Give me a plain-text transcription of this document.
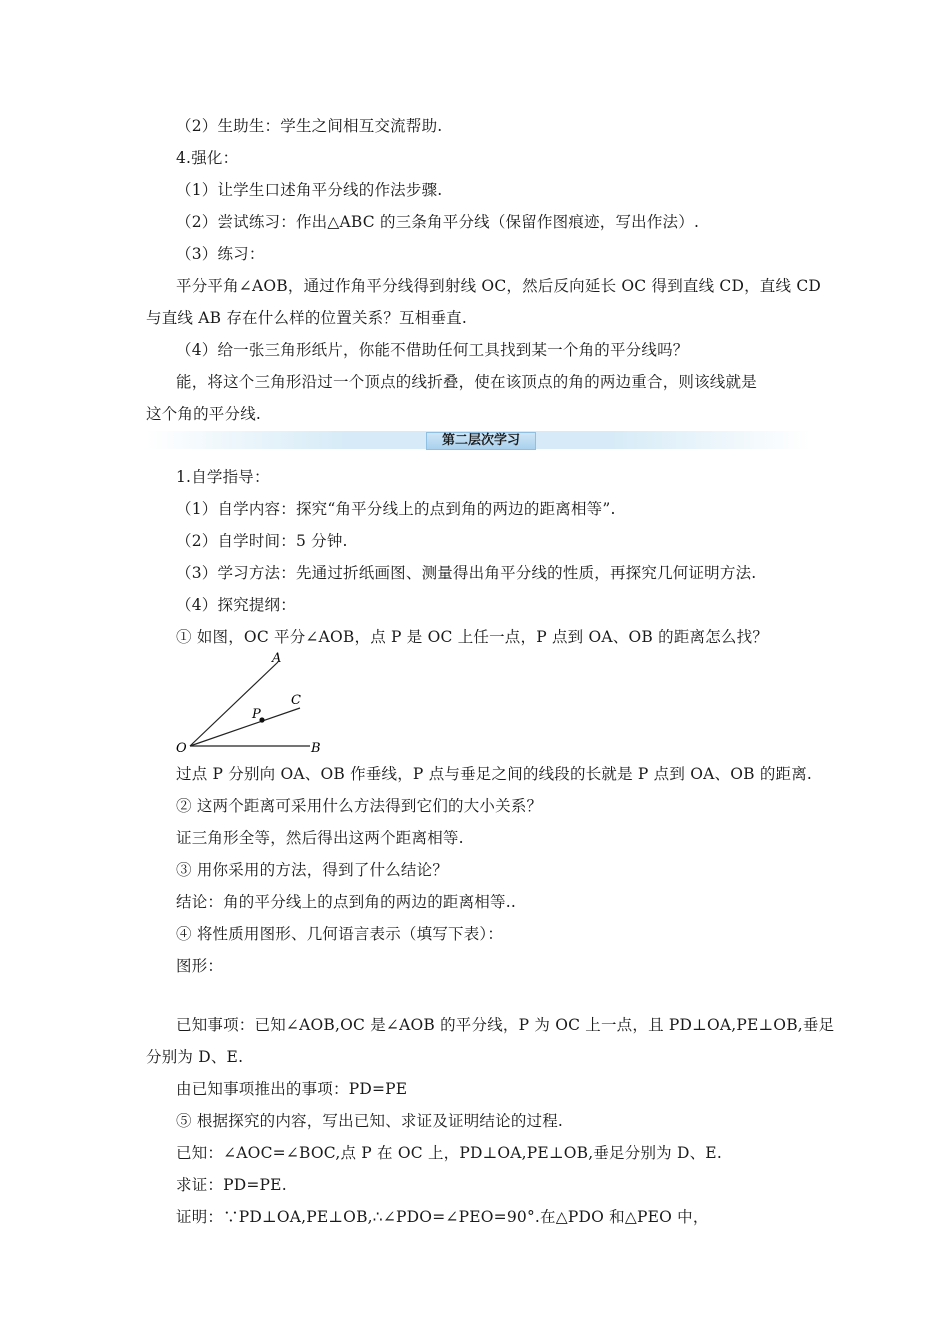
（2）生助生：学生之间相互交流帮助.
4.强化：
（1）让学生口述角平分线的作法步骤.
（2）尝试练习：作出△ABC 的三条角平分线（保留作图痕迹，写出作法）.
（3）练习：
平分平角∠AOB，通过作角平分线得到射线 OC，然后反向延长 OC 得到直线 CD，直线 CD
与直线 AB 存在什么样的位置关系？互相垂直.
（4）给一张三角形纸片，你能不借助任何工具找到某一个角的平分线吗？
能，将这个三角形沿过一个顶点的线折叠，使在该顶点的角的两边重合，则该线就是
这个角的平分线.
第二层次学习
1.自学指导：
（1）自学内容：探究“角平分线上的点到角的两边的距离相等”.
（2）自学时间：5 分钟.
（3）学习方法：先通过折纸画图、测量得出角平分线的性质，再探究几何证明方法.
（4）探究提纲：
① 如图，OC 平分∠AOB，点 P 是 OC 上任一点，P 点到 OA、OB 的距离怎么找？
A
C
P
O	B
过点 P 分别向 OA、OB 作垂线，P 点与垂足之间的线段的长就是 P 点到 OA、OB 的距离.
② 这两个距离可采用什么方法得到它们的大小关系？
证三角形全等，然后得出这两个距离相等.
③ 用你采用的方法，得到了什么结论？
结论：角的平分线上的点到角的两边的距离相等..
④ 将性质用图形、几何语言表示（填写下表）：
图形：
已知事项：已知∠AOB,OC 是∠AOB 的平分线，P 为 OC 上一点，且 PD⊥OA,PE⊥OB,垂足
分别为 D、E.
由已知事项推出的事项：PD=PE
⑤ 根据探究的内容，写出已知、求证及证明结论的过程.
已知：∠AOC=∠BOC,点 P 在 OC 上，PD⊥OA,PE⊥OB,垂足分别为 D、E.
求证：PD=PE.
证明：∵PD⊥OA,PE⊥OB,∴∠PDO=∠PEO=90°.在△PDO 和△PEO 中，
